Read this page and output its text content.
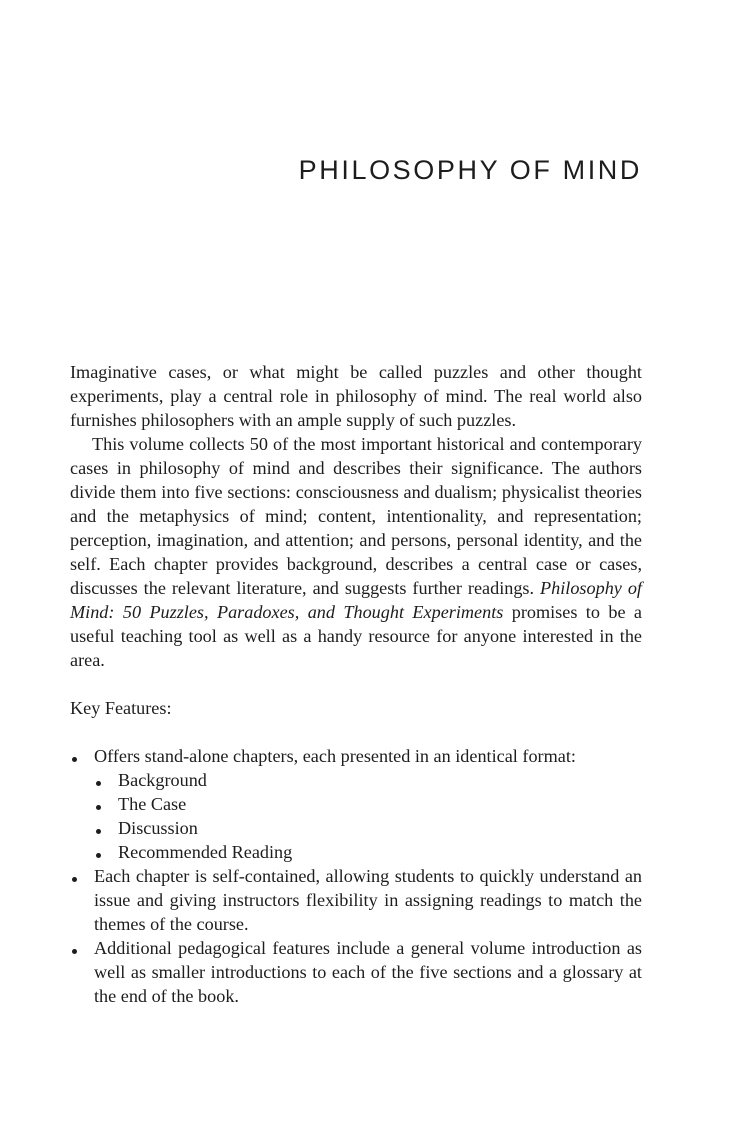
PHILOSOPHY OF MIND

Imaginative cases, or what might be called puzzles and other thought experiments, play a central role in philosophy of mind. The real world also furnishes philosophers with an ample supply of such puzzles.

This volume collects 50 of the most important historical and contemporary cases in philosophy of mind and describes their significance. The authors divide them into five sections: consciousness and dualism; physicalist theories and the metaphysics of mind; content, intentionality, and representation; perception, imagination, and attention; and persons, personal identity, and the self. Each chapter provides background, describes a central case or cases, discusses the relevant literature, and suggests further readings. Philosophy of Mind: 50 Puzzles, Paradoxes, and Thought Experiments promises to be a useful teaching tool as well as a handy resource for anyone interested in the area.

Key Features:

Offers stand-alone chapters, each presented in an identical format:
Background
The Case
Discussion
Recommended Reading
Each chapter is self-contained, allowing students to quickly understand an issue and giving instructors flexibility in assigning readings to match the themes of the course.
Additional pedagogical features include a general volume introduction as well as smaller introductions to each of the five sections and a glossary at the end of the book.
